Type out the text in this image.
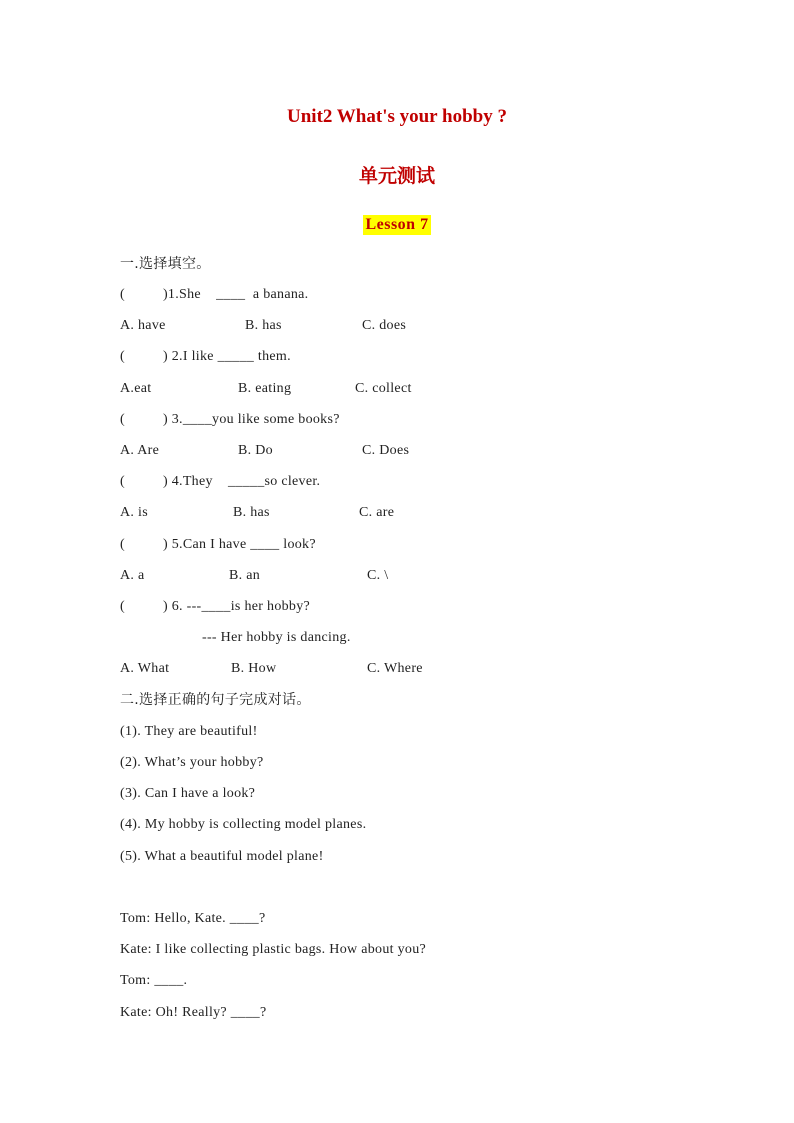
Unit2 What's your hobby ?
单元测试
Lesson 7
一.选择填空。
(          )1.She    ____  a banana.
A. have	B. has	C. does
(          ) 2.I like _____ them.
A.eat	B. eating	C. collect
(          ) 3.____you like some books?
A. Are	B. Do	C. Does
(          ) 4.They    _____so clever.
A. is	B. has	C. are
(          ) 5.Can I have ____ look?
A. a	B. an	C. \
(          ) 6. ---____is her hobby?
--- Her hobby is dancing.
A. What	B. How	C. Where
二.选择正确的句子完成对话。
(1). They are beautiful!
(2). What’s your hobby?
(3). Can I have a look?
(4). My hobby is collecting model planes.
(5). What a beautiful model plane!
Tom: Hello, Kate. ____?
Kate: I like collecting plastic bags. How about you?
Tom: ____.
Kate: Oh! Really? ____?
